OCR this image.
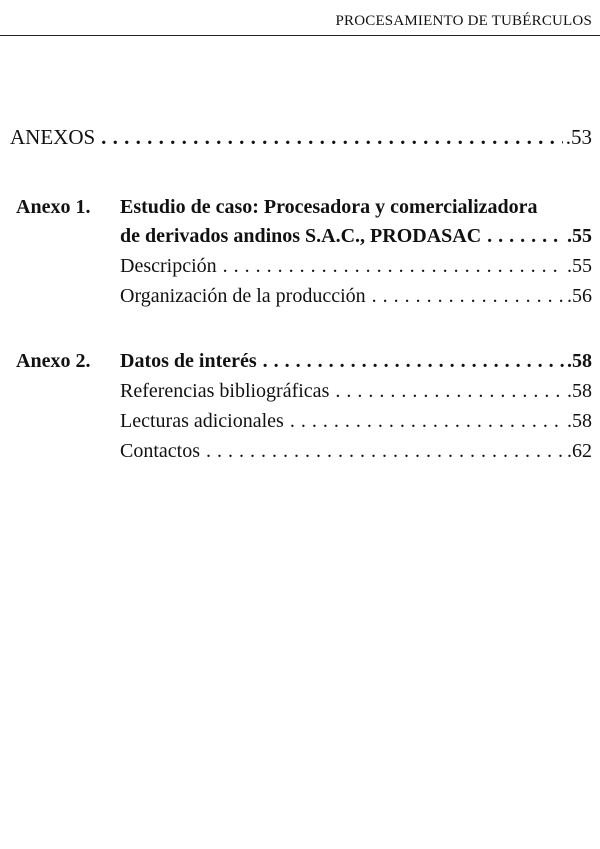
PROCESAMIENTO DE TUBÉRCULOS
ANEXOS . . .	.53
Anexo 1. Estudio de caso: Procesadora y comercializadora
de derivados andinos S.A.C., PRODASAC . . .	.55
Descripción . . .	.55
Organización de la producción . . .	.56
Anexo 2. Datos de interés . . .	.58
Referencias bibliográficas . . .	.58
Lecturas adicionales . . .	.58
Contactos . . .	.62
